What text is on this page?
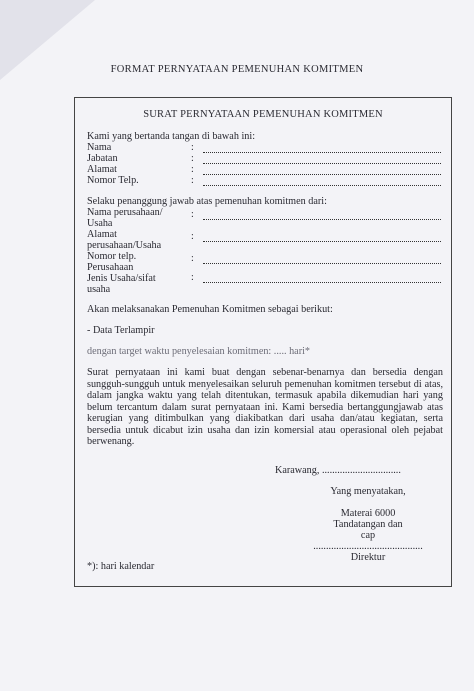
FORMAT PERNYATAAN PEMENUHAN KOMITMEN
SURAT PERNYATAAN PEMENUHAN KOMITMEN
Kami yang bertanda tangan di bawah ini:
Nama	:
Jabatan	:
Alamat	:
Nomor Telp.	:
Selaku penanggung jawab atas pemenuhan komitmen dari:
Nama perusahaan/
Usaha
:
Alamat
perusahaan/Usaha
:
Nomor telp.
Perusahaan
:
Jenis Usaha/sifat
usaha
:
Akan melaksanakan Pemenuhan Komitmen sebagai berikut:
- Data Terlampir
dengan target waktu penyelesaian komitmen: ..... hari*
Surat pernyataan ini kami buat dengan sebenar-benarnya dan bersedia dengan sungguh-sungguh untuk menyelesaikan seluruh pemenuhan komitmen tersebut di atas, dalam jangka waktu yang telah ditentukan, termasuk apabila dikemudian hari yang belum tercantum dalam surat pernyataan ini. Kami bersedia bertanggungjawab atas kerugian yang ditimbulkan yang diakibatkan dari usaha dan/atau kegiatan, serta bersedia untuk dicabut izin usaha dan izin komersial atau operasional oleh pejabat berwenang.
Karawang, ...............................
Yang menyatakan,
Materai 6000
Tandatangan dan
cap
...........................................
Direktur
*): hari kalendar
